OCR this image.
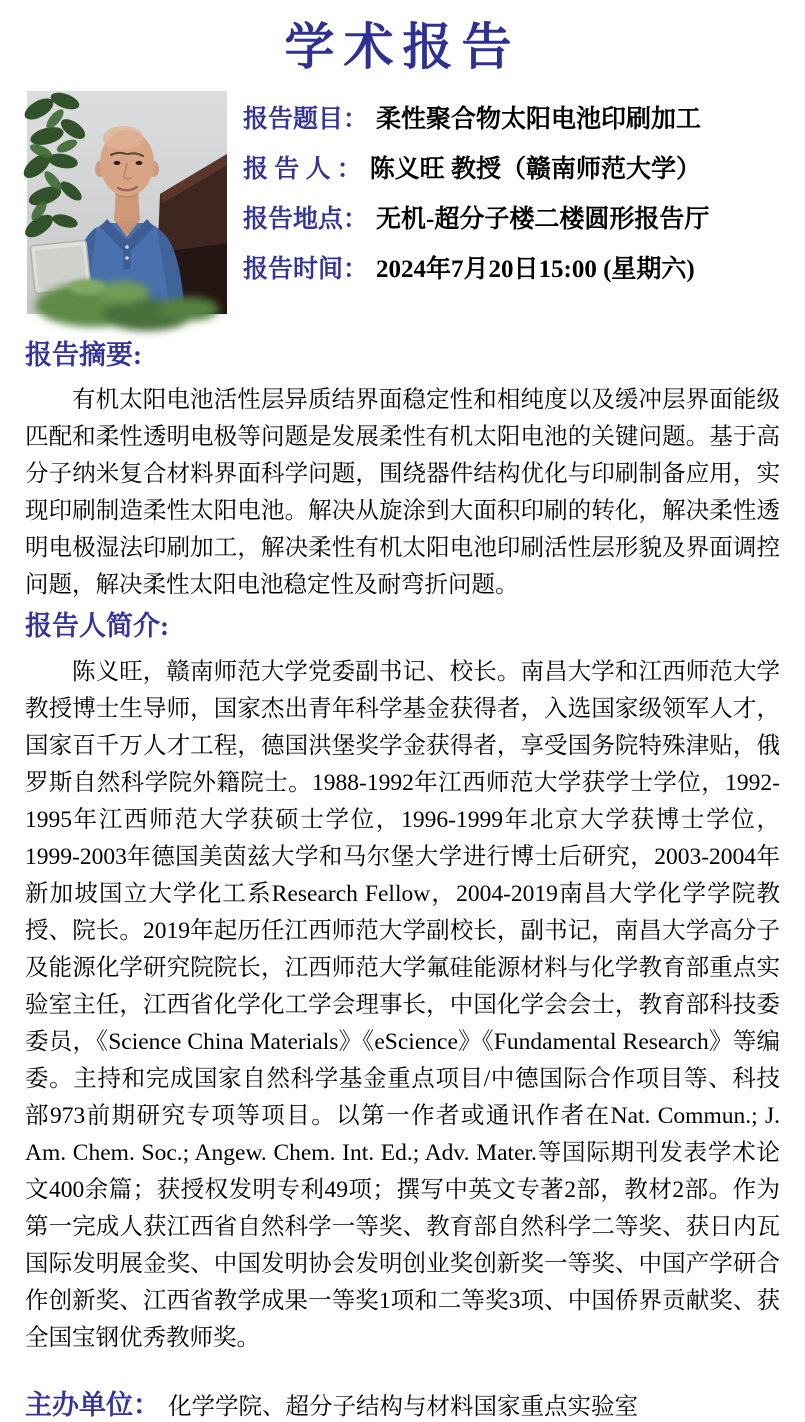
学术报告
报告题目： 柔性聚合物太阳电池印刷加工
报 告 人 ： 陈义旺 教授（赣南师范大学）
报告地点： 无机-超分子楼二楼圆形报告厅
报告时间： 2024年7月20日15:00 (星期六)
报告摘要:

有机太阳电池活性层异质结界面稳定性和相纯度以及缓冲层界面能级匹配和柔性透明电极等问题是发展柔性有机太阳电池的关键问题。基于高分子纳米复合材料界面科学问题，围绕器件结构优化与印刷制备应用，实现印刷制造柔性太阳电池。解决从旋涂到大面积印刷的转化，解决柔性透明电极湿法印刷加工，解决柔性有机太阳电池印刷活性层形貌及界面调控问题，解决柔性太阳电池稳定性及耐弯折问题。

报告人简介:

陈义旺，赣南师范大学党委副书记、校长。南昌大学和江西师范大学教授博士生导师，国家杰出青年科学基金获得者，入选国家级领军人才，国家百千万人才工程，德国洪堡奖学金获得者，享受国务院特殊津贴，俄罗斯自然科学院外籍院士。1988-1992年江西师范大学获学士学位，1992-1995年江西师范大学获硕士学位，1996-1999年北京大学获博士学位，1999-2003年德国美茵兹大学和马尔堡大学进行博士后研究，2003-2004年新加坡国立大学化工系Research Fellow，2004-2019南昌大学化学学院教授、院长。2019年起历任江西师范大学副校长，副书记，南昌大学高分子及能源化学研究院院长，江西师范大学氟硅能源材料与化学教育部重点实验室主任，江西省化学化工学会理事长，中国化学会会士，教育部科技委委员，《Science China Materials》《eScience》《Fundamental Research》等编委。主持和完成国家自然科学基金重点项目/中德国际合作项目等、科技部973前期研究专项等项目。以第一作者或通讯作者在Nat. Commun.; J. Am. Chem. Soc.; Angew. Chem. Int. Ed.; Adv. Mater.等国际期刊发表学术论文400余篇；获授权发明专利49项；撰写中英文专著2部，教材2部。作为第一完成人获江西省自然科学一等奖、教育部自然科学二等奖、获日内瓦国际发明展金奖、中国发明协会发明创业奖创新奖一等奖、中国产学研合作创新奖、江西省教学成果一等奖1项和二等奖3项、中国侨界贡献奖、获全国宝钢优秀教师奖。

主办单位： 化学学院、超分子结构与材料国家重点实验室
